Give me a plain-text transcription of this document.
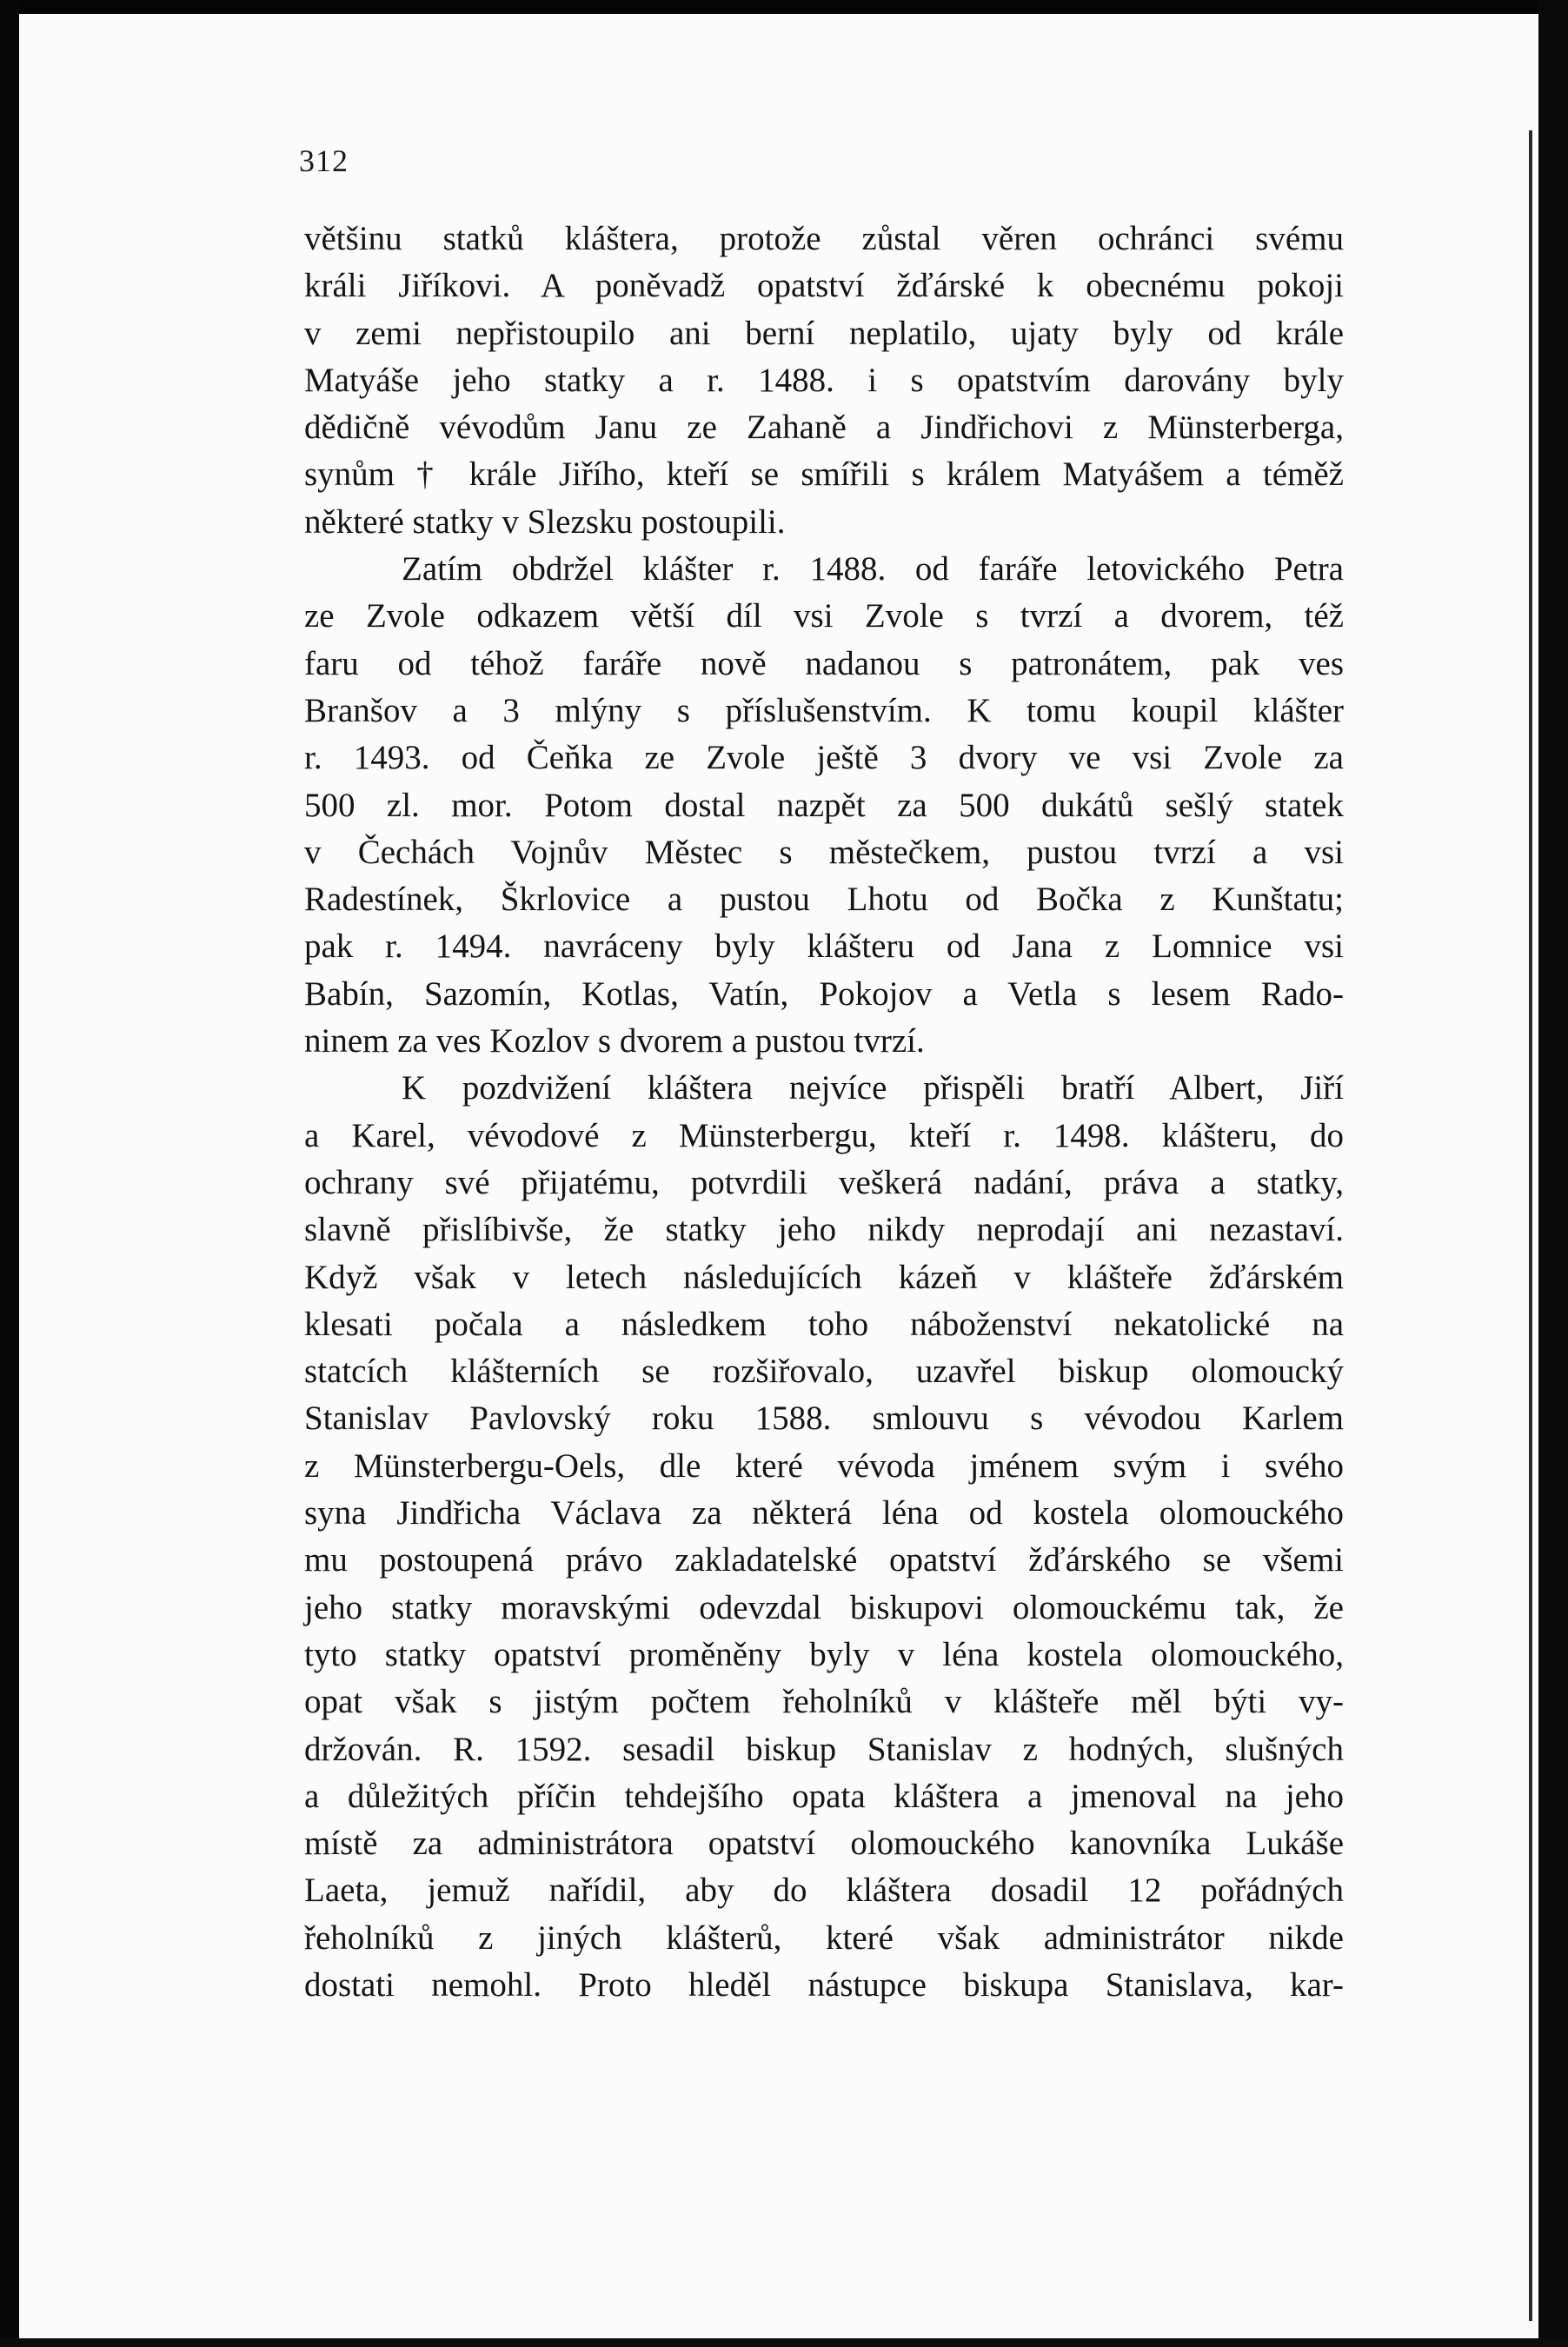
312
většinu statků kláštera, protože zůstal věren ochránci svému
králi Jiříkovi. A poněvadž opatství žďárské k obecnému pokoji
v zemi nepřistoupilo ani berní neplatilo, ujaty byly od krále
Matyáše jeho statky a r. 1488. i s opatstvím darovány byly
dědičně vévodům Janu ze Zahaně a Jindřichovi z Münsterberga,
synům † krále Jiřího, kteří se smířili s králem Matyášem a téměž
některé statky v Slezsku postoupili.
Zatím obdržel klášter r. 1488. od faráře letovického Petra
ze Zvole odkazem větší díl vsi Zvole s tvrzí a dvorem, též
faru od téhož faráře nově nadanou s patronátem, pak ves
Branšov a 3 mlýny s příslušenstvím. K tomu koupil klášter
r. 1493. od Čeňka ze Zvole ještě 3 dvory ve vsi Zvole za
500 zl. mor. Potom dostal nazpět za 500 dukátů sešlý statek
v Čechách Vojnův Městec s městečkem, pustou tvrzí a vsi
Radestínek, Škrlovice a pustou Lhotu od Bočka z Kunštatu;
pak r. 1494. navráceny byly klášteru od Jana z Lomnice vsi
Babín, Sazomín, Kotlas, Vatín, Pokojov a Vetla s lesem Rado-
ninem za ves Kozlov s dvorem a pustou tvrzí.
K pozdvižení kláštera nejvíce přispěli bratří Albert, Jiří
a Karel, vévodové z Münsterbergu, kteří r. 1498. klášteru, do
ochrany své přijatému, potvrdili veškerá nadání, práva a statky,
slavně přislíbivše, že statky jeho nikdy neprodají ani nezastaví.
Když však v letech následujících kázeň v klášteře žďárském
klesati počala a následkem toho náboženství nekatolické na
statcích klášterních se rozšiřovalo, uzavřel biskup olomoucký
Stanislav Pavlovský roku 1588. smlouvu s vévodou Karlem
z Münsterbergu-Oels, dle které vévoda jménem svým i svého
syna Jindřicha Václava za některá léna od kostela olomouckého
mu postoupená právo zakladatelské opatství žďárského se všemi
jeho statky moravskými odevzdal biskupovi olomouckému tak, že
tyto statky opatství proměněny byly v léna kostela olomouckého,
opat však s jistým počtem řeholníků v klášteře měl býti vy-
držován. R. 1592. sesadil biskup Stanislav z hodných, slušných
a důležitých příčin tehdejšího opata kláštera a jmenoval na jeho
místě za administrátora opatství olomouckého kanovníka Lukáše
Laeta, jemuž nařídil, aby do kláštera dosadil 12 pořádných
řeholníků z jiných klášterů, které však administrátor nikde
dostati nemohl. Proto hleděl nástupce biskupa Stanislava, kar-
